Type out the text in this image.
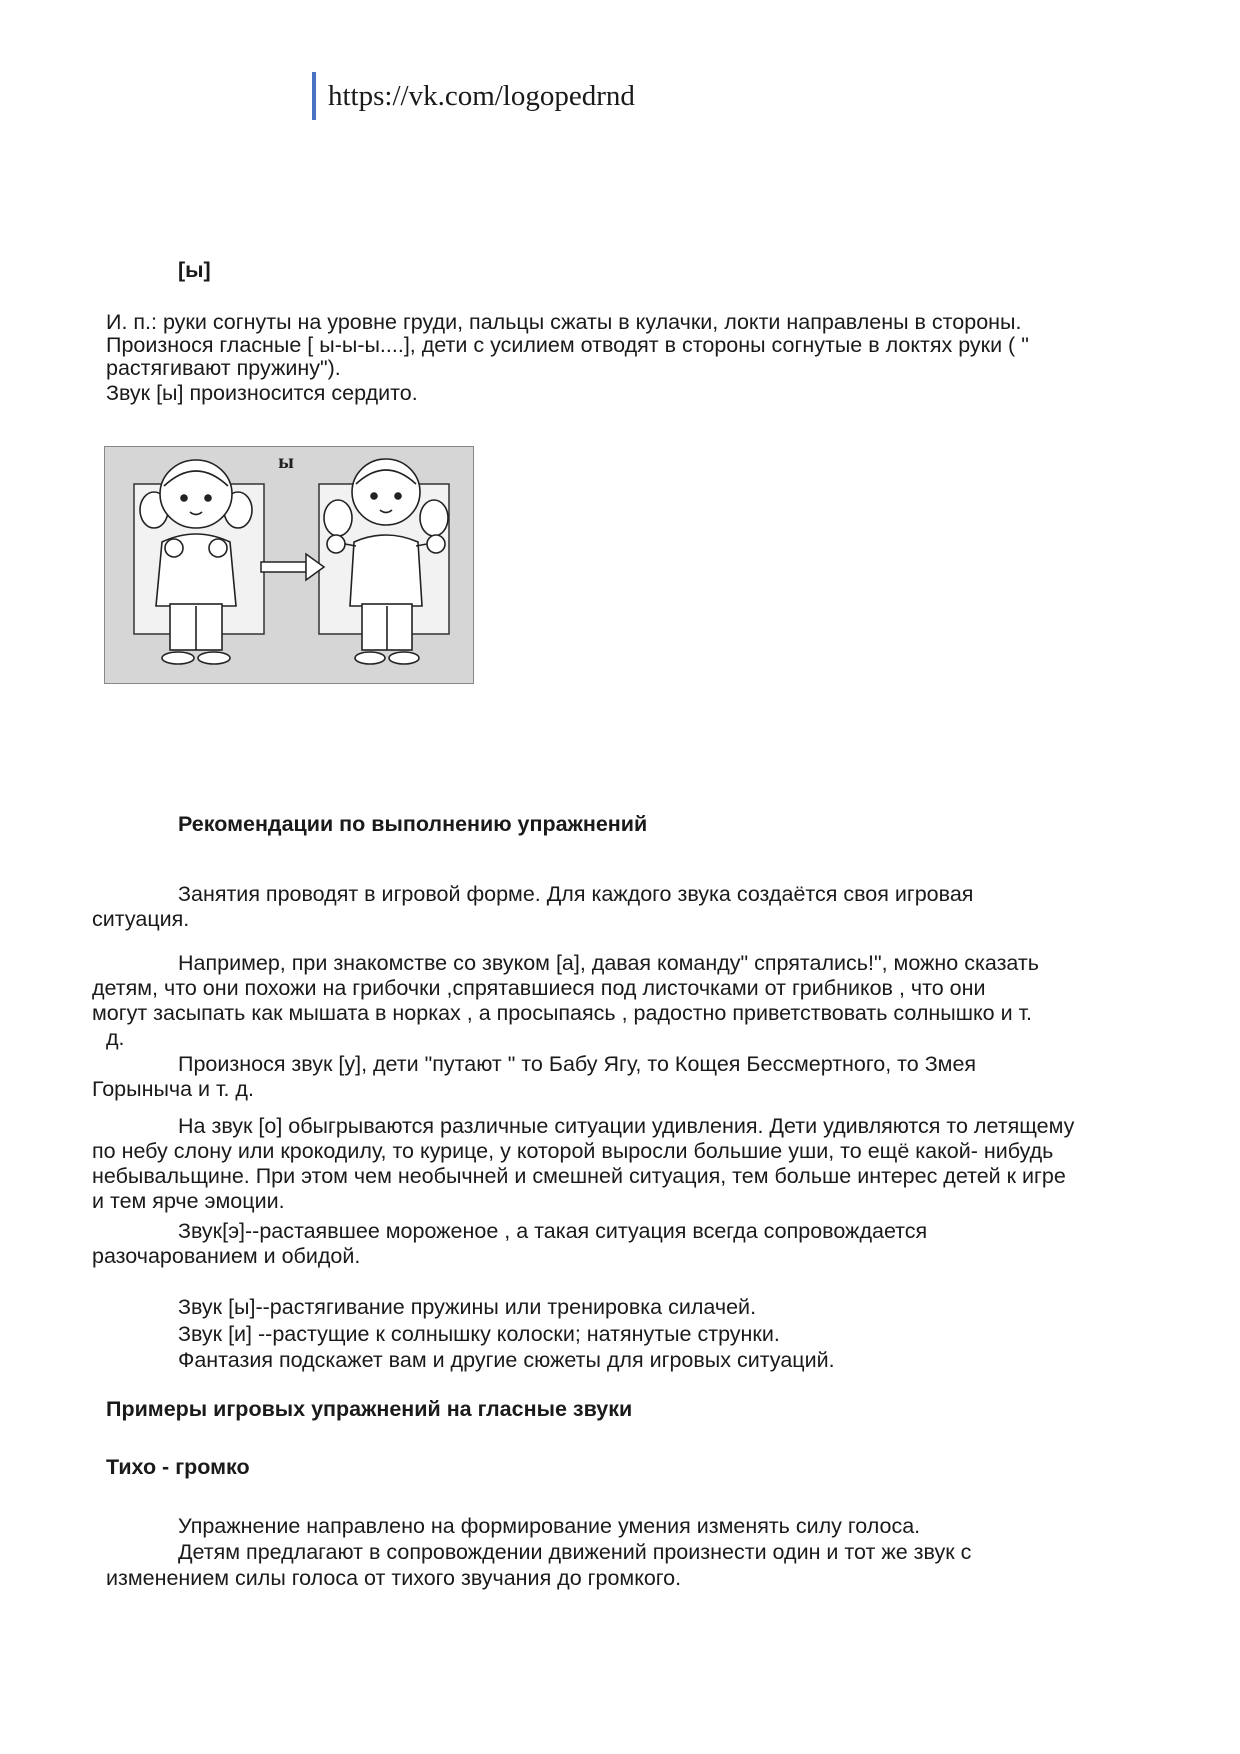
https://vk.com/logopedrnd
[ы]
И. п.: руки согнуты на уровне груди, пальцы сжаты в кулачки, локти направлены в стороны.
Произнося гласные [ ы-ы-ы....], дети с усилием отводят в стороны согнутые в локтях руки ( "
растягивают пружину").
Звук [ы] произносится сердито.
ы
Рекомендации по выполнению упражнений
Занятия проводят в игровой форме. Для каждого звука создаётся своя игровая
ситуация.
Например, при знакомстве со звуком [а], давая команду" спрятались!", можно сказать
детям, что они похожи на грибочки ,спрятавшиеся под листочками от грибников , что они
могут засыпать как мышата в норках , а просыпаясь , радостно приветствовать солнышко и т.
д.
Произнося звук [у], дети "путают " то Бабу Ягу, то Кощея Бессмертного, то Змея
Горыныча и т. д.
На звук [о] обыгрываются различные ситуации удивления. Дети удивляются то летящему
по небу слону или крокодилу, то курице, у которой выросли большие уши, то ещё какой- нибудь
небывальщине. При этом чем необычней и смешней ситуация, тем больше интерес детей к игре
и тем ярче эмоции.
Звук[э]--растаявшее мороженое , а такая ситуация всегда сопровождается
разочарованием и обидой.
Звук [ы]--растягивание пружины или тренировка силачей.
Звук [и] --растущие к солнышку колоски; натянутые струнки.
Фантазия подскажет вам и другие сюжеты для игровых ситуаций.
Примеры игровых упражнений на гласные звуки
Тихо - громко
Упражнение направлено на формирование умения изменять силу голоса.
Детям предлагают в сопровождении движений произнести один и тот же звук с
изменением силы голоса от тихого звучания до громкого.
